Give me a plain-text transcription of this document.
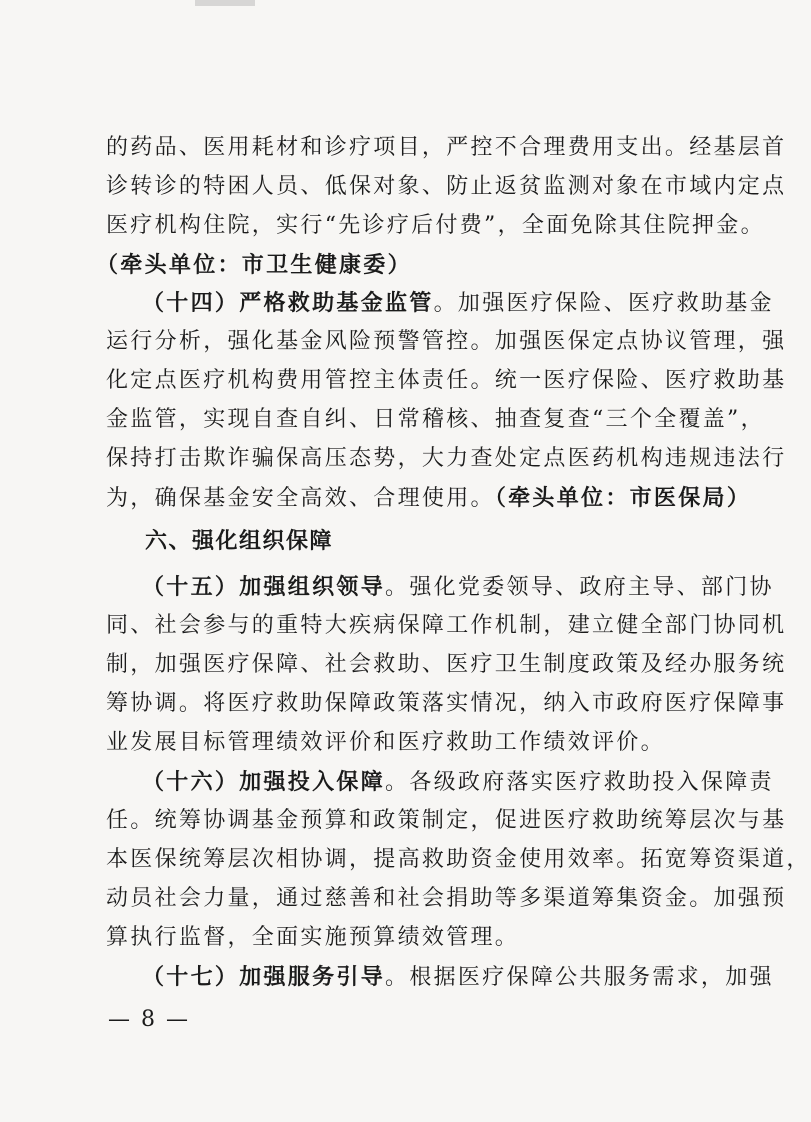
的药品、医用耗材和诊疗项目，严控不合理费用支出。经基层首
诊转诊的特困人员、低保对象、防止返贫监测对象在市域内定点
医疗机构住院，实行“先诊疗后付费”，全面免除其住院押金。
（牵头单位：市卫生健康委）
（十四）严格救助基金监管。加强医疗保险、医疗救助基金
运行分析，强化基金风险预警管控。加强医保定点协议管理，强
化定点医疗机构费用管控主体责任。统一医疗保险、医疗救助基
金监管，实现自查自纠、日常稽核、抽查复查“三个全覆盖”，
保持打击欺诈骗保高压态势，大力查处定点医药机构违规违法行
为，确保基金安全高效、合理使用。（牵头单位：市医保局）
六、强化组织保障
（十五）加强组织领导。强化党委领导、政府主导、部门协
同、社会参与的重特大疾病保障工作机制，建立健全部门协同机
制，加强医疗保障、社会救助、医疗卫生制度政策及经办服务统
筹协调。将医疗救助保障政策落实情况，纳入市政府医疗保障事
业发展目标管理绩效评价和医疗救助工作绩效评价。
（十六）加强投入保障。各级政府落实医疗救助投入保障责
任。统筹协调基金预算和政策制定，促进医疗救助统筹层次与基
本医保统筹层次相协调，提高救助资金使用效率。拓宽筹资渠道，
动员社会力量，通过慈善和社会捐助等多渠道筹集资金。加强预
算执行监督，全面实施预算绩效管理。
（十七）加强服务引导。根据医疗保障公共服务需求，加强
— 8 —
